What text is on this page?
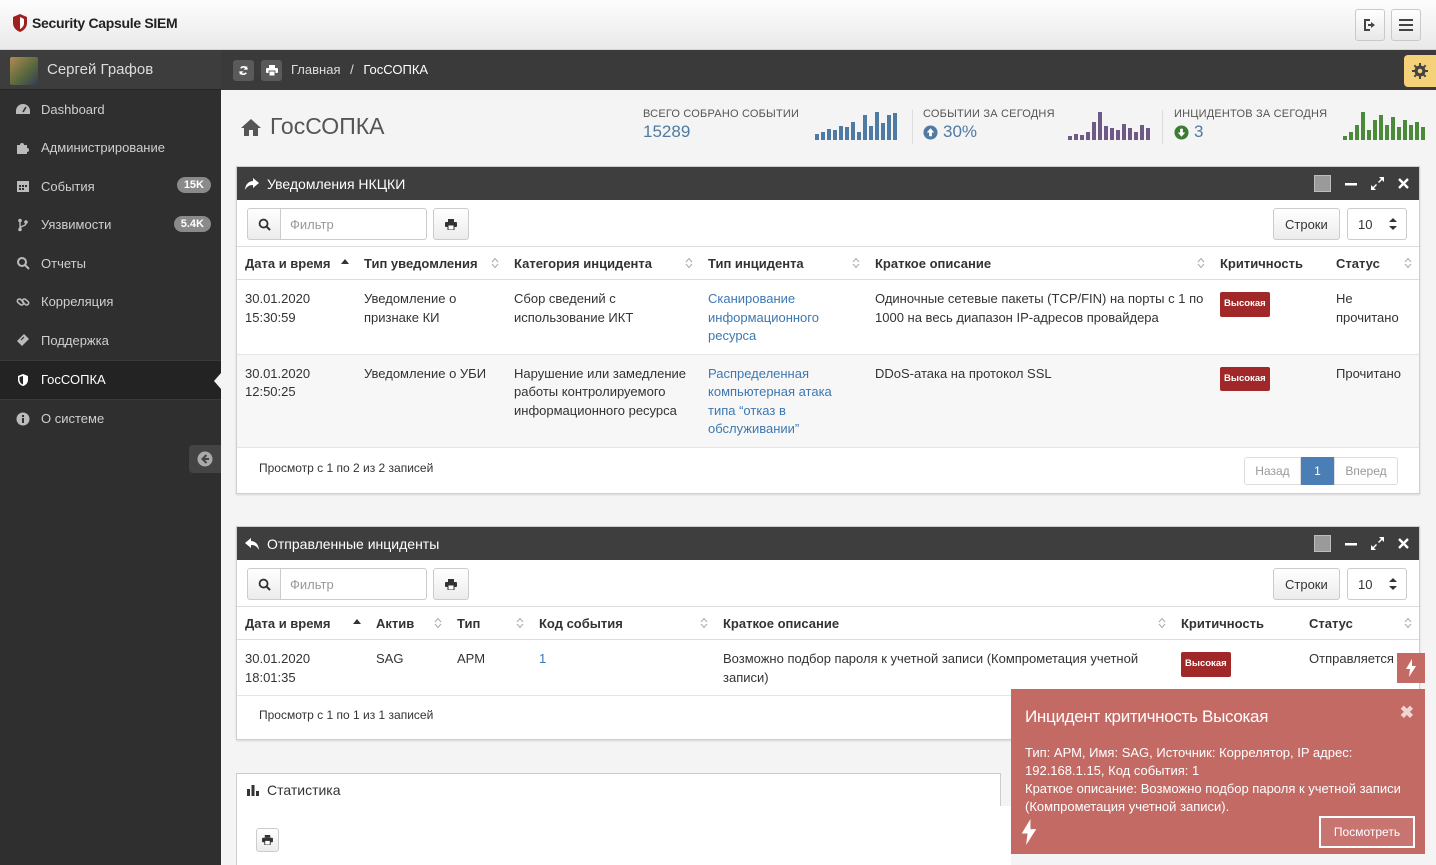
Security Capsule SIEM
Сергей Графов
Dashboard
Администрирование
События	15K
Уязвимости	5.4K
Отчеты
Корреляция
Поддержка
ГосСОПКА
О системе
Главная / ГосСОПКА
ГосСОПКА	ВСЕГО СОБРАНО СОБЫТИИ
15289
СОБЫТИИ ЗА СЕГОДНЯ
30%
ИНЦИДЕНТОВ ЗА СЕГОДНЯ
3
Уведомления НКЦКИ
Фильтр
Строки	10
Дата и время	Тип уведомления	Категория инцидента	Тип инцидента	Краткое описание	Критичность	Статус

30.01.2020
15:30:59	Уведомление о признаке КИ	Сбор сведений с использование ИКТ	Сканирование информационного ресурса	Одиночные сетевые пакеты (TCP/FIN) на порты с 1 по 1000 на весь диапазон IP-адресов провайдера	Высокая	Не прочитано

30.01.2020
12:50:25	Уведомление о УБИ	Нарушение или замедление работы контролируемого информационного ресурса	Распределенная компьютерная атака типа “отказ в обслуживании”	DDoS-атака на протокол SSL	Высокая	Прочитано
Просмотр с 1 по 2 из 2 записей	Назад	1	Вперед
Отправленные инциденты
Фильтр
Строки	10
Дата и время	Актив	Тип	Код события	Краткое описание	Критичность	Статус

30.01.2020
18:01:35	SAG	АРМ	1	Возможно подбор пароля к учетной записи (Компрометация учетной записи)	Высокая	Отправляется
Просмотр с 1 по 1 из 1 записей
Статистика
Инцидент критичность Высокая	✖
Тип: АРМ, Имя: SAG, Источник: Коррелятор, IP адрес: 192.168.1.15, Код события: 1
Краткое описание: Возможно подбор пароля к учетной записи (Компрометация учетной записи).
Посмотреть
